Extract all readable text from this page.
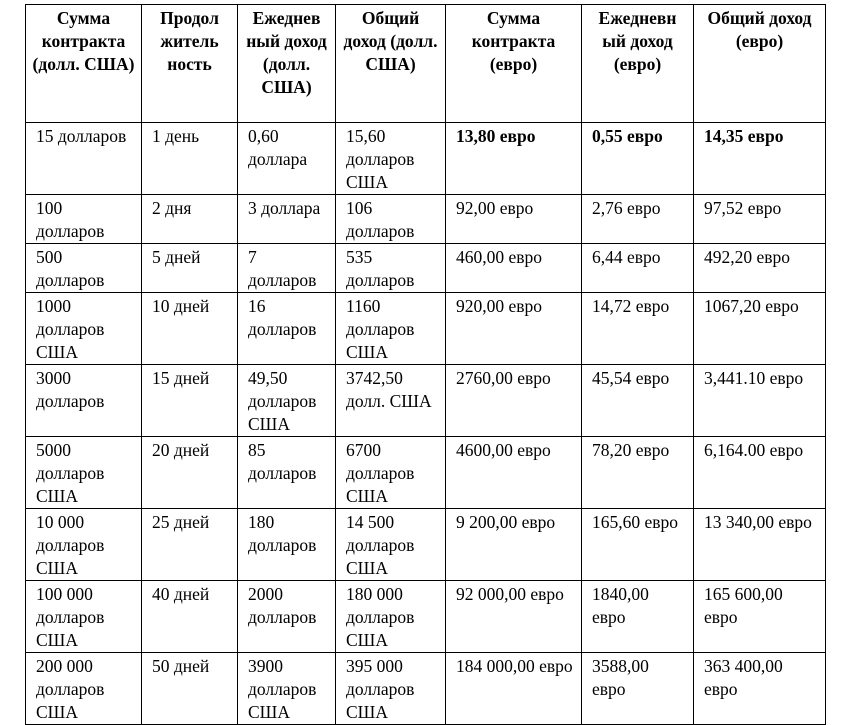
Сумма контракта (долл. США)	Продол житель ность	Ежеднев ный доход (долл. США)	Общий доход (долл. США)	Сумма контракта (евро)	Ежедневн ый доход (евро)	Общий доход (евро)
15 долларов	1 день	0,60 доллара	15,60 долларов США	13,80 евро	0,55 евро	14,35 евро
100 долларов	2 дня	3 доллара	106 долларов	92,00 евро	2,76 евро	97,52 евро
500 долларов	5 дней	7 долларов	535 долларов	460,00 евро	6,44 евро	492,20 евро
1000 долларов США	10 дней	16 долларов	1160 долларов США	920,00 евро	14,72 евро	1067,20 евро
3000 долларов	15 дней	49,50 долларов США	3742,50 долл. США	2760,00 евро	45,54 евро	3,441.10 евро
5000 долларов США	20 дней	85 долларов	6700 долларов США	4600,00 евро	78,20 евро	6,164.00 евро
10 000 долларов США	25 дней	180 долларов	14 500 долларов США	9 200,00 евро	165,60 евро	13 340,00 евро
100 000 долларов США	40 дней	2000 долларов	180 000 долларов США	92 000,00 евро	1840,00 евро	165 600,00 евро
200 000 долларов США	50 дней	3900 долларов США	395 000 долларов США	184 000,00 евро	3588,00 евро	363 400,00 евро
